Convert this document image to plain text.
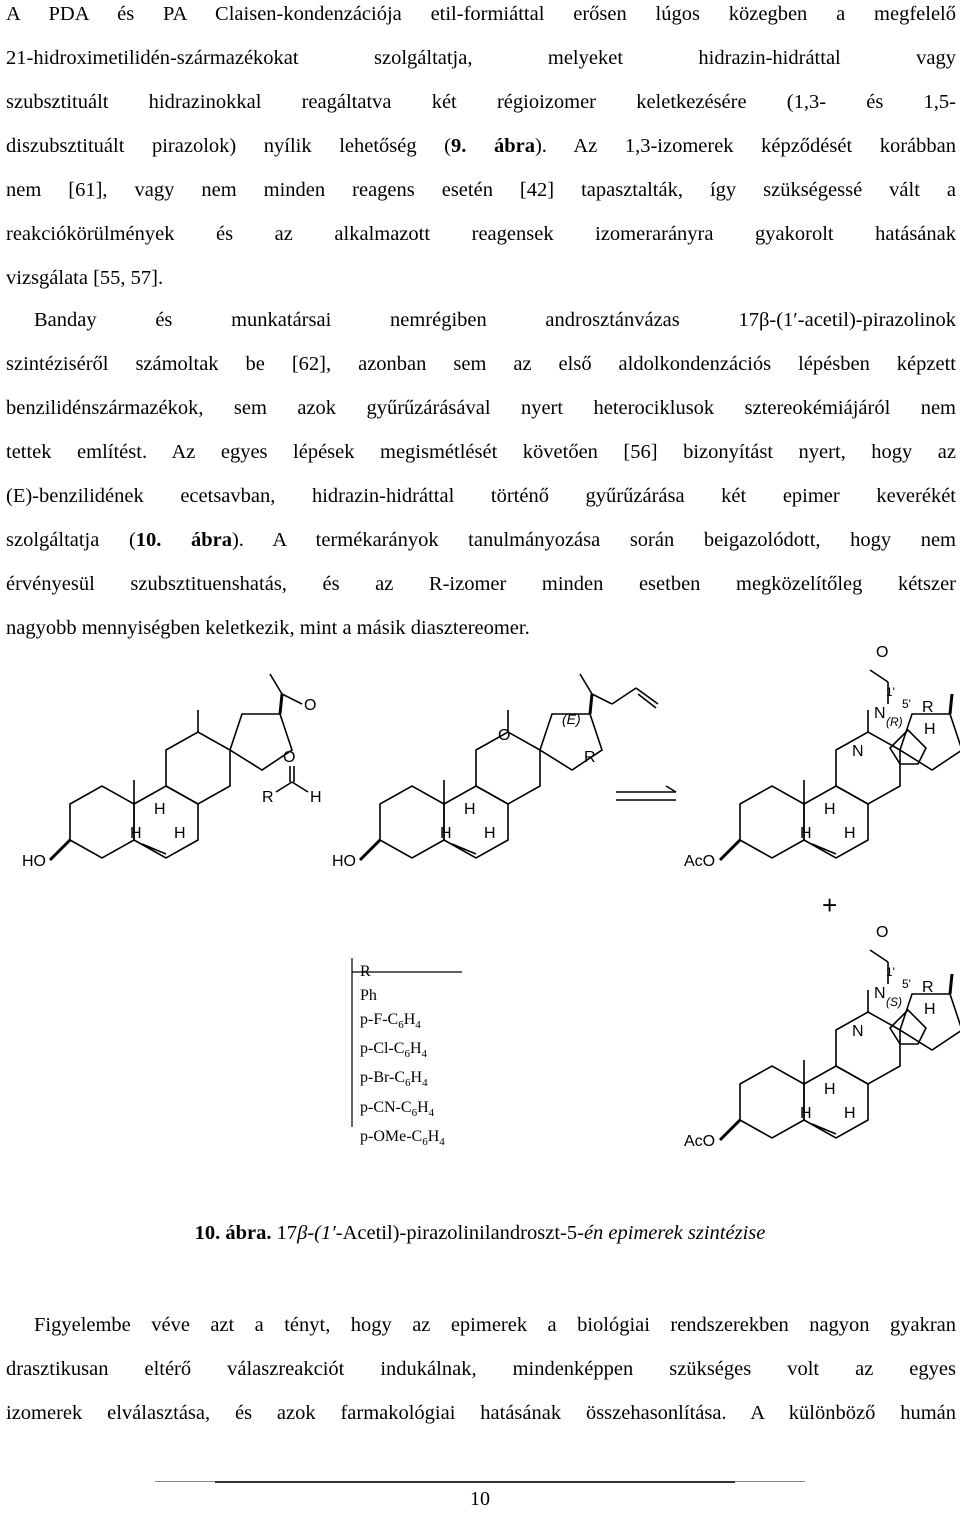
A PDA és PA Claisen-kondenzációja etil-formiáttal erősen lúgos közegben a megfelelő
21-hidroximetilidén-származékokat szolgáltatja, melyeket hidrazin-hidráttal vagy
szubsztituált hidrazinokkal reagáltatva két régioizomer keletkezésére (1,3- és 1,5-
diszubsztituált pirazolok) nyílik lehetőség (9. ábra). Az 1,3-izomerek képződését korábban
nem [61], vagy nem minden reagens esetén [42] tapasztalták, így szükségessé vált a
reakciókörülmények és az alkalmazott reagensek izomerarányra gyakorolt hatásának
vizsgálata [55, 57].
Banday és munkatársai nemrégiben androsztánvázas 17β-(1′-acetil)-pirazolinok
szintéziséről számoltak be [62], azonban sem az első aldolkondenzációs lépésben képzett
benzilidénszármazékok, sem azok gyűrűzárásával nyert heterociklusok sztereokémiájáról nem
tettek említést. Az egyes lépések megismétlését követően [56] bizonyítást nyert, hogy az
(E)-benzilidének ecetsavban, hidrazin-hidráttal történő gyűrűzárása két epimer keverékét
szolgáltatja (10. ábra). A termékarányok tanulmányozása során beigazolódott, hogy nem
érvényesül szubsztituenshatás, és az R-izomer minden esetben megközelítőleg kétszer
nagyobb mennyiségben keletkezik, mint a másik diasztereomer.
O
H
H H
HO
O
R H
O
(E)
R
H
H H
HO
N
N
O
1'
5' R
(R) H
H
H H
AcO
+
N
N
O
1'
5' R
(S) H
H
H H
AcO
R
Ph
$p-F-C_6H_4$
$p-Cl-C_6H_4$
$p-Br-C_6H_4$
$p-CN-C_6H_4$
$p-OMe-C_6H_4$
10. ábra. 17β-(1′-Acetil)-pirazolinilandroszt-5-én epimerek szintézise
Figyelembe véve azt a tényt, hogy az epimerek a biológiai rendszerekben nagyon gyakran
drasztikusan eltérő válaszreakciót indukálnak, mindenképpen szükséges volt az egyes
izomerek elválasztása, és azok farmakológiai hatásának összehasonlítása. A különböző humán
10
